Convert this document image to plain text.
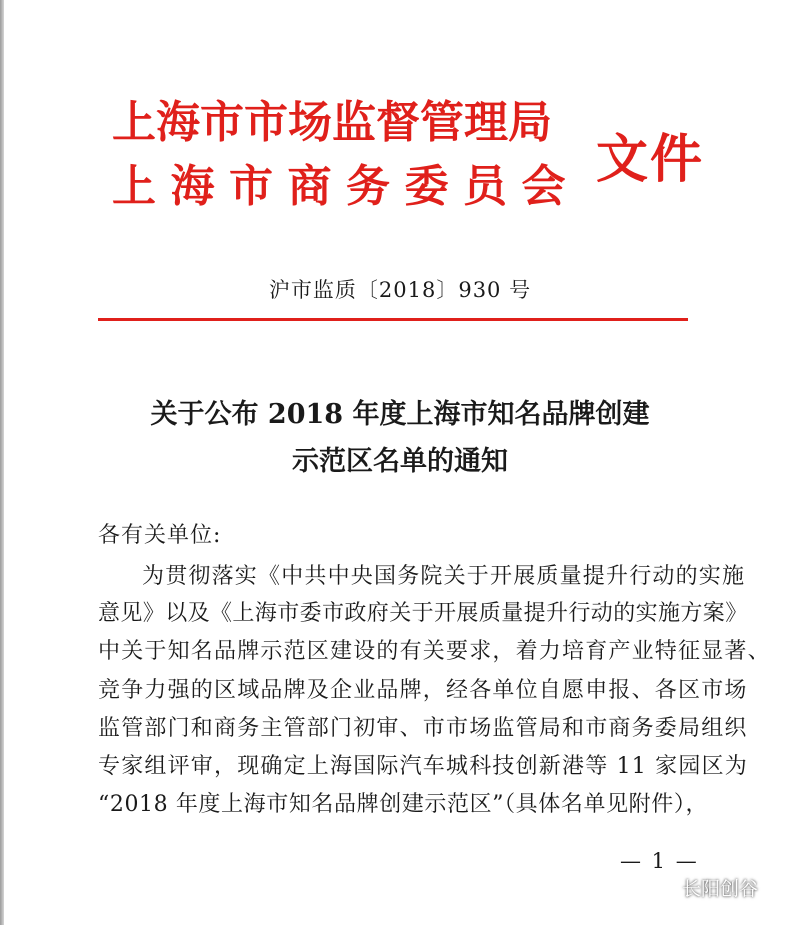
上海市市场监督管理局
上海市商务委员会 文件
沪市监质〔2018〕930 号
关于公布 2018 年度上海市知名品牌创建
示范区名单的通知
各有关单位:
为贯彻落实《中共中央国务院关于开展质量提升行动的实施
意见》以及《上海市委市政府关于开展质量提升行动的实施方案》
中关于知名品牌示范区建设的有关要求，着力培育产业特征显著、
竞争力强的区域品牌及企业品牌，经各单位自愿申报、各区市场
监管部门和商务主管部门初审、市市场监管局和市商务委局组织
专家组评审，现确定上海国际汽车城科技创新港等 11 家园区为
“2018 年度上海市知名品牌创建示范区”（具体名单见附件），
— 1 —
长阳创谷
